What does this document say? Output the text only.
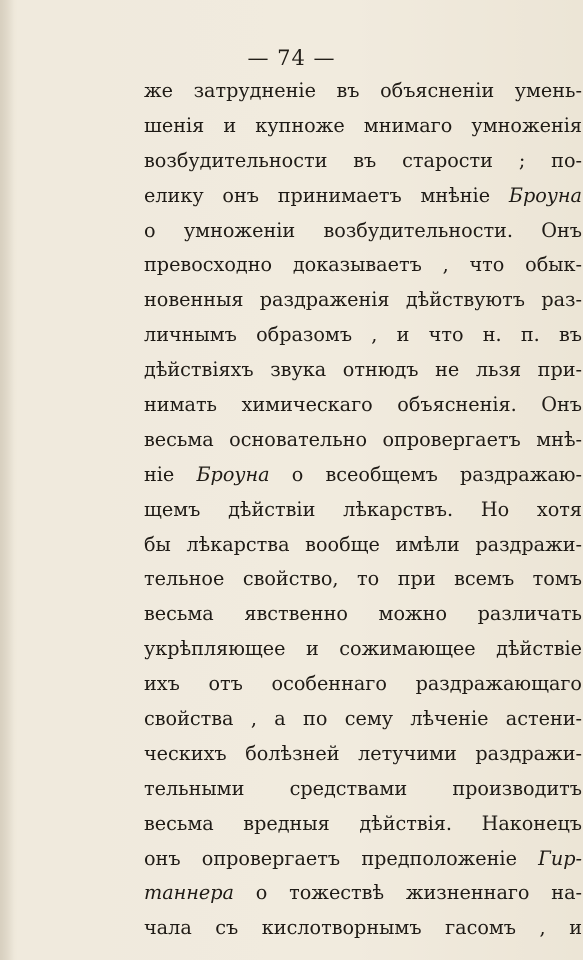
— 74 —
же затрудненіе въ объясненіи умень-
шенія и купноже мнимаго умноженія
возбудительности въ старости ; по-
елику онъ принимаетъ мнѣніе Броуна
о умноженіи возбудительности. Онъ
превосходно доказываетъ , что обык-
новенныя раздраженія дѣйствуютъ раз-
личнымъ образомъ , и что н. п. въ
дѣйствіяхъ звука отнюдъ не льзя при-
нимать химическаго объясненія. Онъ
весьма основательно опровергаетъ мнѣ-
ніе Броуна о всеобщемъ раздражаю-
щемъ дѣйствіи лѣкарствъ. Но хотя
бы лѣкарства вообще имѣли раздражи-
тельное свойство, то при всемъ томъ
весьма явственно можно различать
укрѣпляющее и сожимающее дѣйствіе
ихъ отъ особеннаго раздражающаго
свойства , а по сему лѣченіе астени-
ческихъ болѣзней летучими раздражи-
тельными средствами производитъ
весьма вредныя дѣйствія. Наконецъ
онъ опровергаетъ предположеніе Гир-
таннера о тожествѣ жизненнаго на-
чала съ кислотворнымъ гасомъ , и
